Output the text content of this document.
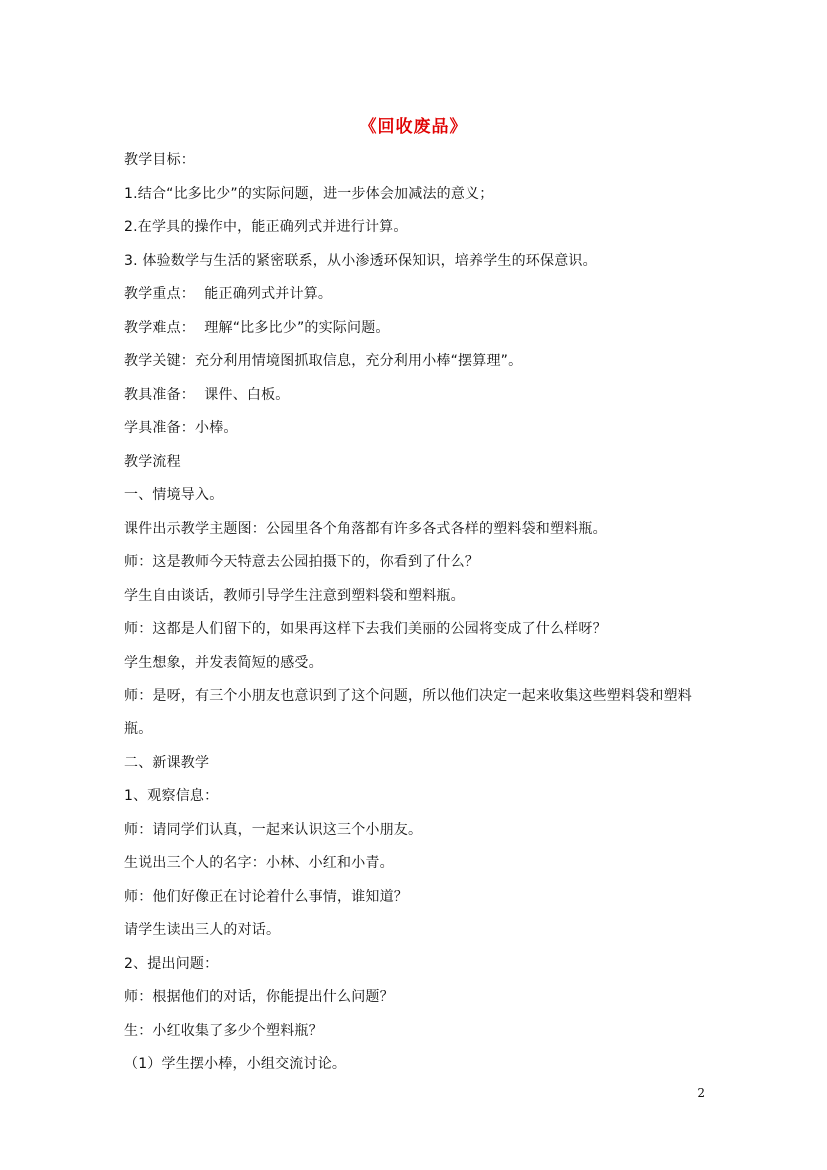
《回收废品》

教学目标：

1.结合“比多比少”的实际问题，进一步体会加减法的意义；

2.在学具的操作中，能正确列式并进行计算。

3. 体验数学与生活的紧密联系，从小渗透环保知识，培养学生的环保意识。

教学重点：  能正确列式并计算。

教学难点：  理解“比多比少”的实际问题。

教学关键：充分利用情境图抓取信息，充分利用小棒“摆算理”。

教具准备：  课件、白板。

学具准备：小棒。

教学流程

一、情境导入。

课件出示教学主题图：公园里各个角落都有许多各式各样的塑料袋和塑料瓶。

师：这是教师今天特意去公园拍摄下的，你看到了什么？

学生自由谈话，教师引导学生注意到塑料袋和塑料瓶。

师：这都是人们留下的，如果再这样下去我们美丽的公园将变成了什么样呀？

学生想象，并发表简短的感受。

师：是呀，有三个小朋友也意识到了这个问题，所以他们决定一起来收集这些塑料袋和塑料

瓶。

二、新课教学

1、观察信息：

师：请同学们认真，一起来认识这三个小朋友。

生说出三个人的名字：小林、小红和小青。

师：他们好像正在讨论着什么事情，谁知道？

请学生读出三人的对话。

2、提出问题：

师：根据他们的对话，你能提出什么问题？

生：小红收集了多少个塑料瓶？

（1）学生摆小棒，小组交流讨论。

2
